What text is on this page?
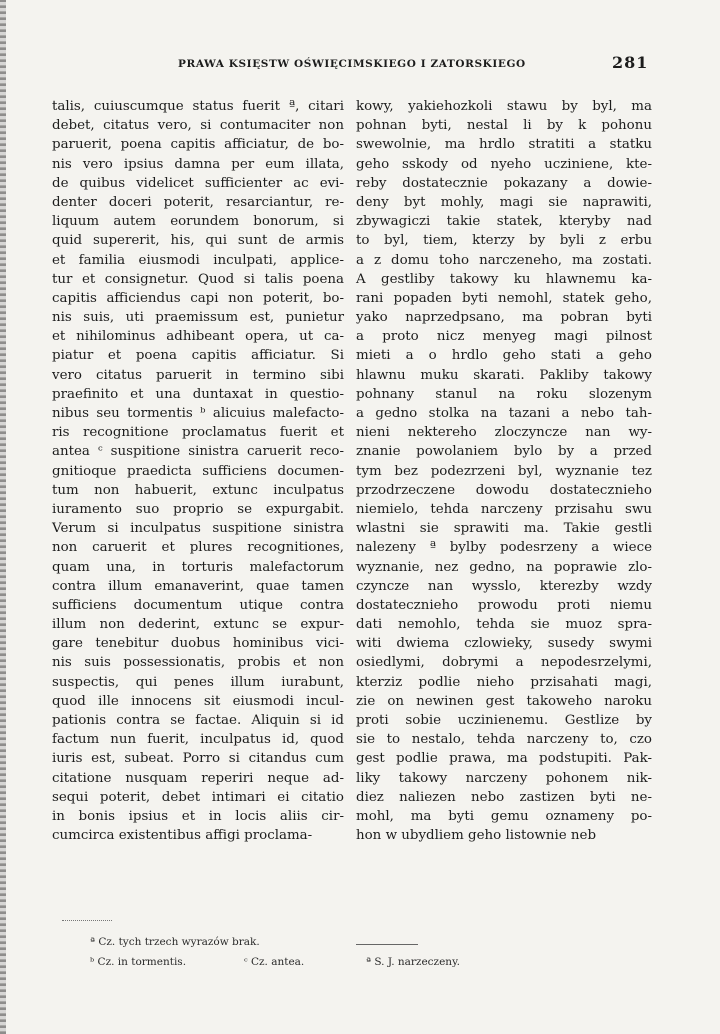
PRAWA KSIĘSTW OŚWIĘCIMSKIEGO I ZATORSKIEGO	281
talis, cuiuscumque status fuerit ª, citari
debet, citatus vero, si contumaciter non
paruerit, poena capitis afficiatur, de bo-
nis vero ipsius damna per eum illata,
de quibus videlicet sufficienter ac evi-
denter doceri poterit, resarciantur, re-
liquum autem eorundem bonorum, si
quid supererit, his, qui sunt de armis
et familia eiusmodi inculpati, applice-
tur et consignetur. Quod si talis poena
capitis afficiendus capi non poterit, bo-
nis suis, uti praemissum est, punietur
et nihilominus adhibeant opera, ut ca-
piatur et poena capitis afficiatur. Si
vero citatus paruerit in termino sibi
praefinito et una duntaxat in questio-
nibus seu tormentis ᵇ alicuius malefacto-
ris recognitione proclamatus fuerit et
antea ᶜ suspitione sinistra caruerit reco-
gnitioque praedicta sufficiens documen-
tum non habuerit, extunc inculpatus
iuramento suo proprio se expurgabit.
Verum si inculpatus suspitione sinistra
non caruerit et plures recognitiones,
quam una, in torturis malefactorum
contra illum emanaverint, quae tamen
sufficiens documentum utique contra
illum non dederint, extunc se expur-
gare tenebitur duobus hominibus vici-
nis suis possessionatis, probis et non
suspectis, qui penes illum iurabunt,
quod ille innocens sit eiusmodi incul-
pationis contra se factae. Aliquin si id
factum nun fuerit, inculpatus id, quod
iuris est, subeat. Porro si citandus cum
citatione nusquam reperiri neque ad-
sequi poterit, debet intimari ei citatio
in bonis ipsius et in locis aliis cir-
cumcirca existentibus affigi proclama-
kowy, yakiehozkoli stawu by byl, ma
pohnan byti, nestal li by k pohonu
swewolnie, ma hrdlo stratiti a statku
geho sskody od nyeho uczinienе, kte-
reby dostatecznie pokazany a dowie-
deny byt mohly, magi sie naprawiti,
zbywagiczi takie statek, kteryby nad
to byl, tiem, kterzy by byli z erbu
a z domu toho narczeneho, ma zostati.
A gestliby takowy ku hlawnemu ka-
rani popaden byti nemohl, statek geho,
yako naprzedpsano, ma pobran byti
a proto nicz menyeg magi pilnost
mieti a o hrdlo geho stati a geho
hlawnu muku skarati. Pakliby takowy
pohnany stanul na roku slozenym
a gedno stolka na tazani a nebo tah-
nieni nektereho zloczyncze nan wy-
znanie powolaniem bylo by a przed
tym bez podezrzeni byl, wyznanie tez
przodrzeczene dowodu dostatecznieho
niemielo, tehda narczeny przisahu swu
wlastni sie sprawiti ma. Takie gestli
nalezeny ª bylby podesrzeny a wiece
wyznanie, nez gedno, na poprawie zlo-
czyncze nan wysslo, kterezby wzdy
dostatecznieho prowodu proti niemu
dati nemohlo, tehda sie muoz spra-
witi dwiema czlowieky, susedy swymi
osiedlymi, dobrymi a nepodesrzelymi,
kterziz podlie nieho przisahati magi,
zie on newinen gest takoweho naroku
proti sobie uczinienemu. Gestlize by
sie to nestalo, tehda narczeny to, czo
gest podlie prawa, ma podstupiti. Pak-
liky takowy narczeny pohonem nik-
diez naliezen nebo zastizen byti ne-
mohl, ma byti gemu oznameny po-
hon w ubydliem geho listownie neb
ª Cz. tych trzech wyrazów brak.
ᵇ Cz. in tormentis.	ᶜ Cz. antea.	ª S. J. narzeczeny.
